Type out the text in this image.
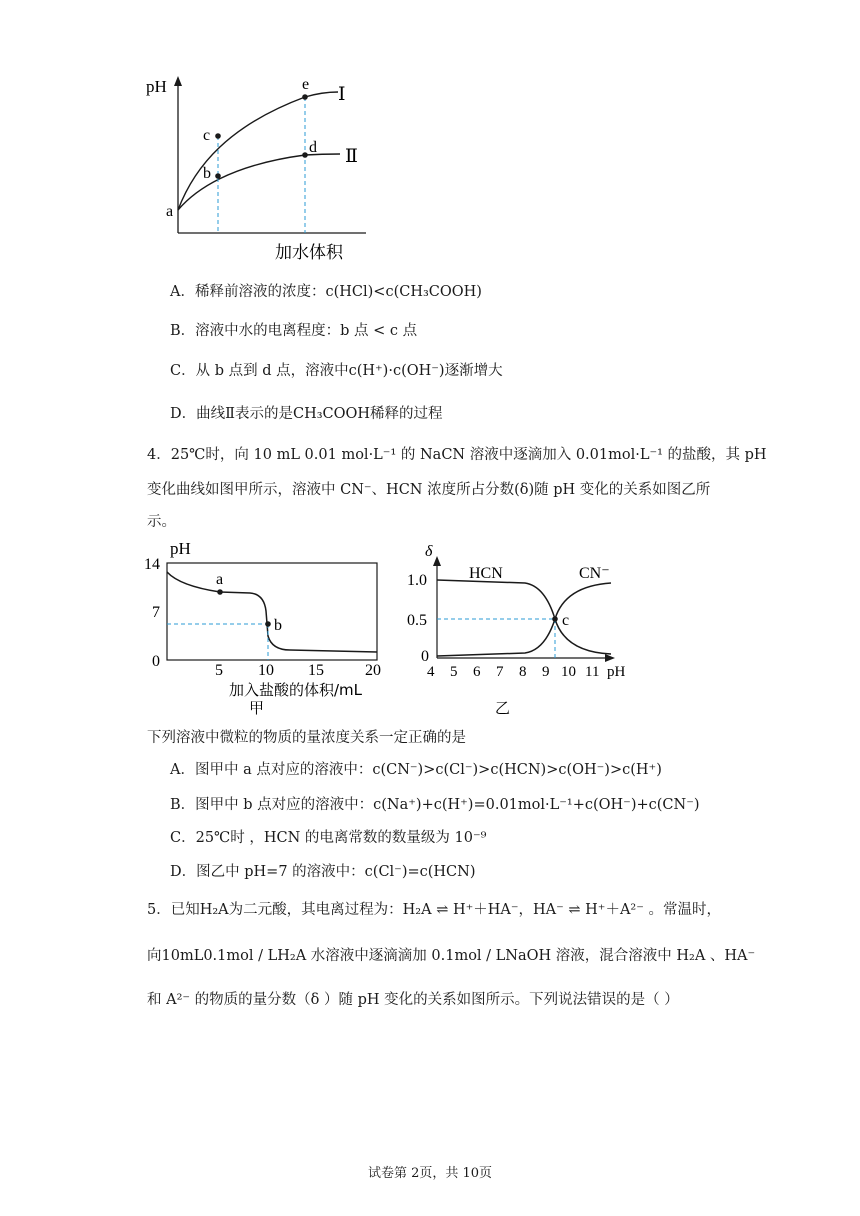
pH
a
b
c
d
e Ⅰ
Ⅱ
加水体积
A．稀释前溶液的浓度：c(HCl)<c(CH₃COOH)
B．溶液中水的电离程度：b 点 < c 点
C．从 b 点到 d 点，溶液中c(H⁺)·c(OH⁻)逐渐增大
D．曲线Ⅱ表示的是CH₃COOH稀释的过程
4．25℃时，向 10 mL 0.01 mol·L⁻¹ 的 NaCN 溶液中逐滴加入 0.01mol·L⁻¹ 的盐酸，其 pH
变化曲线如图甲所示，溶液中 CN⁻、HCN 浓度所占分数(δ)随 pH 变化的关系如图乙所
示。
14
7
0
pH
5 10 15	20
a
b
加入盐酸的体积/mL
甲
1.0
0.5
0
δ
4 5 6 7 8 9 10 11 pH
c
HCN	CN⁻
乙
下列溶液中微粒的物质的量浓度关系一定正确的是
A．图甲中 a 点对应的溶液中：c(CN⁻)>c(Cl⁻)>c(HCN)>c(OH⁻)>c(H⁺)
B．图甲中 b 点对应的溶液中：c(Na⁺)+c(H⁺)=0.01mol·L⁻¹+c(OH⁻)+c(CN⁻)
C．25℃时 ，HCN 的电离常数的数量级为 10⁻⁹
D．图乙中 pH=7 的溶液中：c(Cl⁻)=c(HCN)
5．已知H₂A为二元酸，其电离过程为：H₂A ⇌ H⁺＋HA⁻，HA⁻ ⇌ H⁺＋A²⁻ 。常温时，
向10mL0.1mol / LH₂A 水溶液中逐滴滴加 0.1mol / LNaOH 溶液，混合溶液中 H₂A 、HA⁻
和 A²⁻ 的物质的量分数（δ ）随 pH 变化的关系如图所示。下列说法错误的是（ ）
试卷第 2页，共 10页
